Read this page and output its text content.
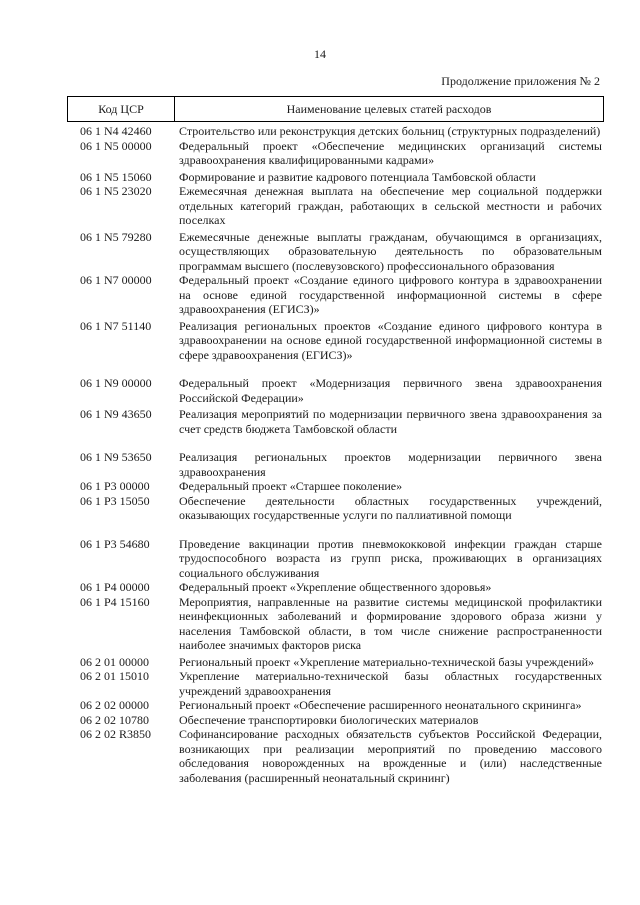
14
Продолжение приложения № 2
Код ЦСР	Наименование целевых статей расходов
06 1 N4 42460	Строительство или реконструкция детских больниц (структурных подразделений)
06 1 N5 00000	Федеральный проект «Обеспечение медицинских организаций системы здравоохранения квалифицированными кадрами»
06 1 N5 15060	Формирование и развитие кадрового потенциала Тамбовской области
06 1 N5 23020	Ежемесячная денежная выплата на обеспечение мер социальной поддержки отдельных категорий граждан, работающих в сельской местности и рабочих поселках
06 1 N5 79280	Ежемесячные денежные выплаты гражданам, обучающимся в организациях, осуществляющих образовательную деятельность по образовательным программам высшего (послевузовского) профессионального образования
06 1 N7 00000	Федеральный проект «Создание единого цифрового контура в здравоохранении на основе единой государственной информационной системы в сфере здравоохранения (ЕГИСЗ)»
06 1 N7 51140	Реализация региональных проектов «Создание единого цифрового контура в здравоохранении на основе единой государственной информационной системы в сфере здравоохранения (ЕГИСЗ)»
06 1 N9 00000	Федеральный проект «Модернизация первичного звена здравоохранения Российской Федерации»
06 1 N9 43650	Реализация мероприятий по модернизации первичного звена здравоохранения за счет средств бюджета Тамбовской области
06 1 N9 53650	Реализация региональных проектов модернизации первичного звена здравоохранения
06 1 P3 00000	Федеральный проект «Старшее поколение»
06 1 P3 15050	Обеспечение деятельности областных государственных учреждений, оказывающих государственные услуги по паллиативной помощи
06 1 P3 54680	Проведение вакцинации против пневмококковой инфекции граждан старше трудоспособного возраста из групп риска, проживающих в организациях социального обслуживания
06 1 P4 00000	Федеральный проект «Укрепление общественного здоровья»
06 1 P4 15160	Мероприятия, направленные на развитие системы медицинской профилактики неинфекционных заболеваний и формирование здорового образа жизни у населения Тамбовской области, в том числе снижение распространенности наиболее значимых факторов риска
06 2 01 00000	Региональный проект «Укрепление материально-технической базы учреждений»
06 2 01 15010	Укрепление материально-технической базы областных государственных учреждений здравоохранения
06 2 02 00000	Региональный проект «Обеспечение расширенного неонатального скрининга»
06 2 02 10780	Обеспечение транспортировки биологических материалов
06 2 02 R3850	Софинансирование расходных обязательств субъектов Российской Федерации, возникающих при реализации мероприятий по проведению массового обследования новорожденных на врожденные и (или) наследственные заболевания (расширенный неонатальный скрининг)
